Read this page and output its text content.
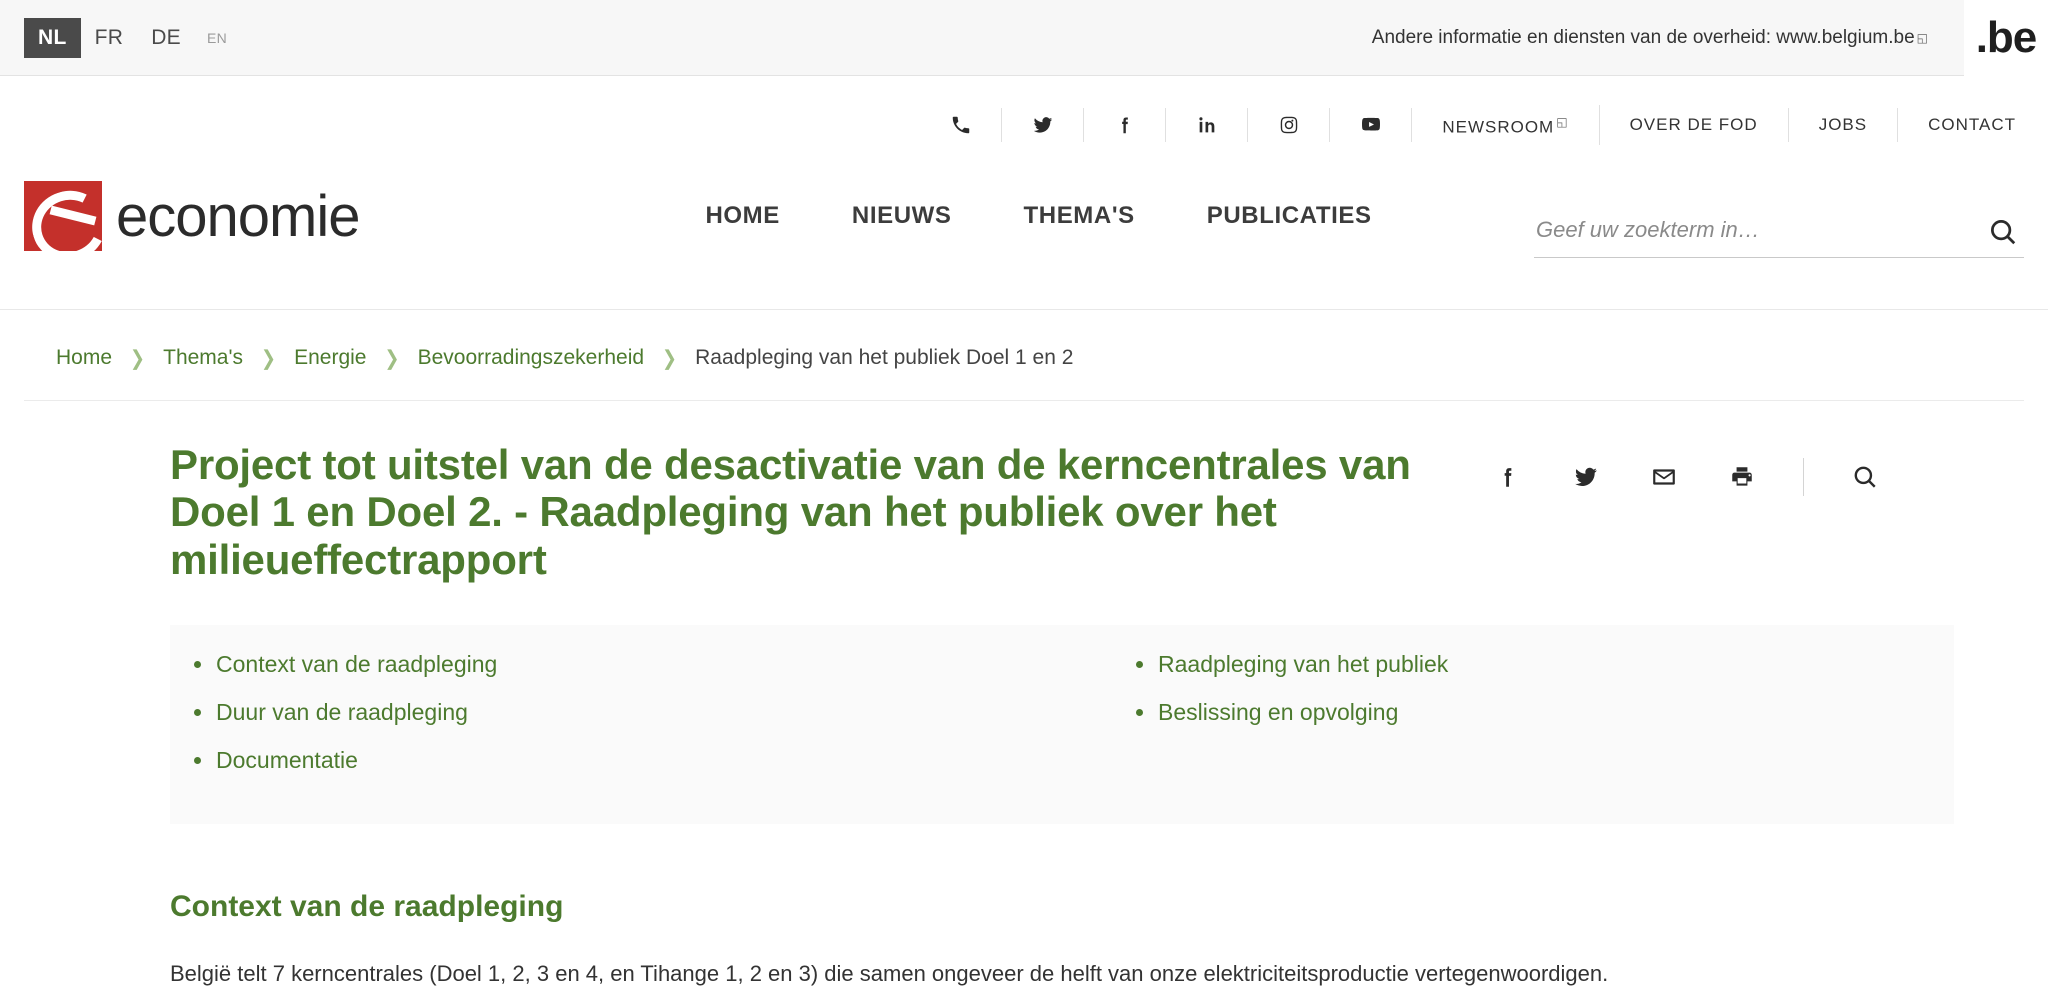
NL	FR	DE	EN	Andere informatie en diensten van de overheid: www.belgium.be ◱ .be
NEWSROOM ◱	OVER DE FOD	JOBS	CONTACT
economie	HOME	NIEUWS	THEMA'S	PUBLICATIES
Geef uw zoekterm in…
Home ❯ Thema's ❯ Energie ❯ Bevoorradingszekerheid ❯ Raadpleging van het publiek Doel 1 en 2
Project tot uitstel van de desactivatie van de kerncentrales van Doel 1 en Doel 2. - Raadpleging van het publiek over het milieueffectrapport
Context van de raadpleging
Duur van de raadpleging
Documentatie
Raadpleging van het publiek
Beslissing en opvolging
Context van de raadpleging

België telt 7 kerncentrales (Doel 1, 2, 3 en 4, en Tihange 1, 2 en 3) die samen ongeveer de helft van onze elektriciteitsproductie vertegenwoordigen.
